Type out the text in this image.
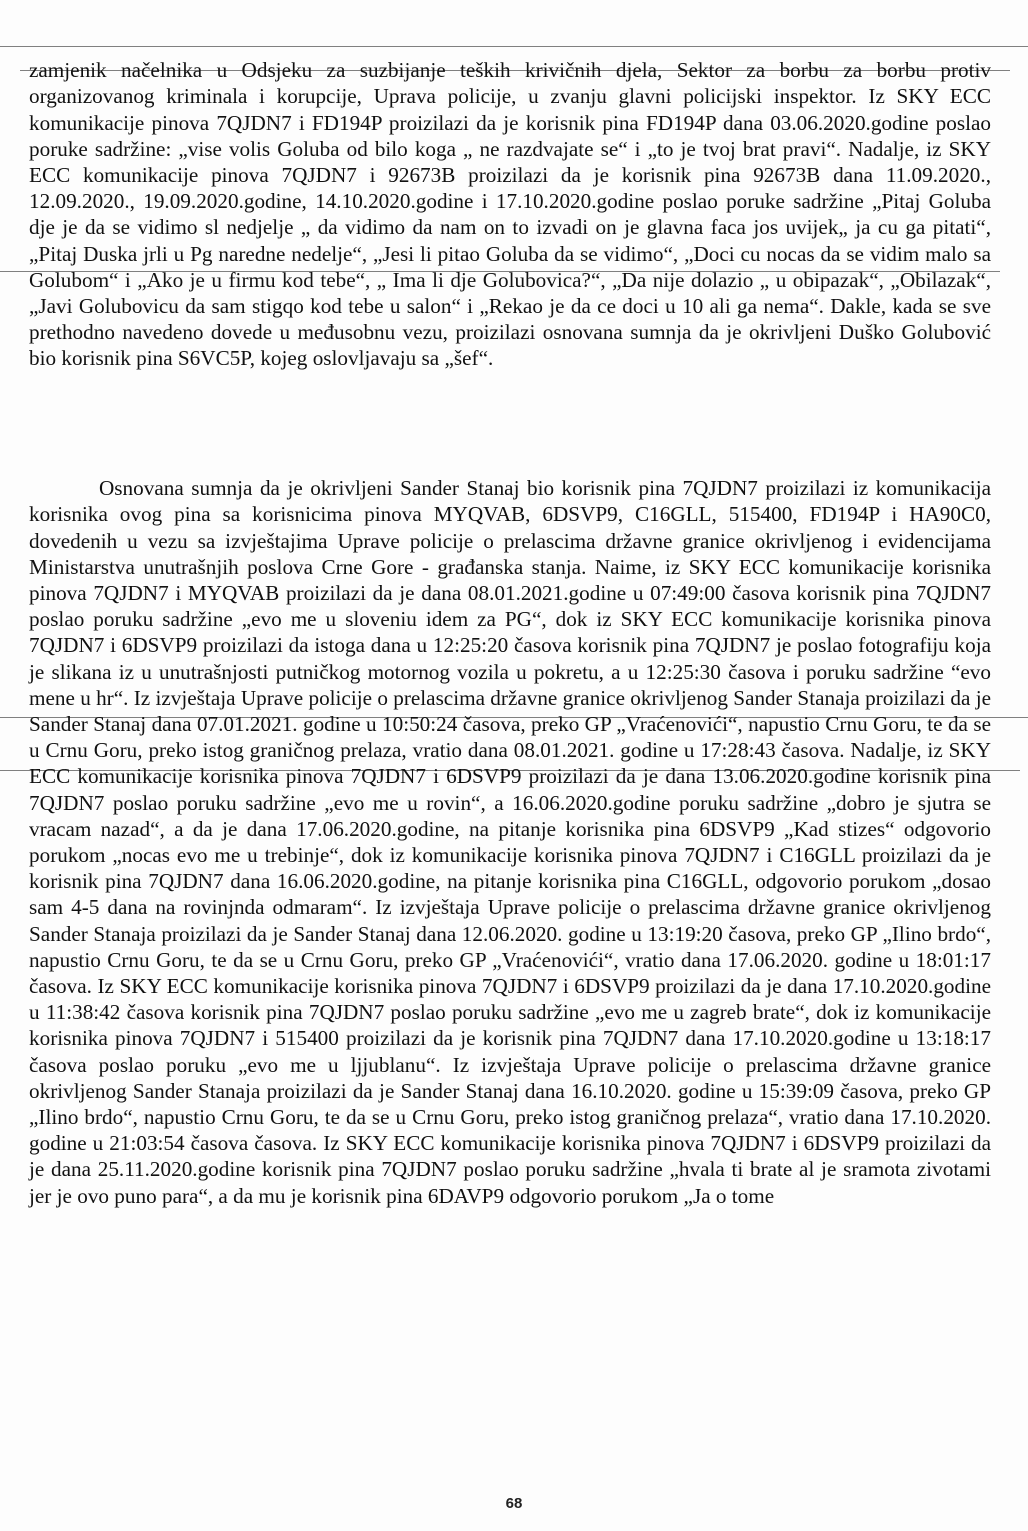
zamjenik načelnika u Odsjeku za suzbijanje teških krivičnih djela, Sektor za borbu za borbu protiv organizovanog kriminala i korupcije, Uprava policije, u zvanju glavni policijski inspektor. Iz SKY ECC komunikacije pinova 7QJDN7 i FD194P proizilazi da je korisnik pina FD194P dana 03.06.2020.godine poslao poruke sadržine: „vise volis Goluba od bilo koga „ ne razdvajate se“ i „to je tvoj brat pravi“. Nadalje, iz SKY ECC komunikacije pinova 7QJDN7 i 92673B proizilazi da je korisnik pina 92673B dana 11.09.2020., 12.09.2020., 19.09.2020.godine, 14.10.2020.godine i 17.10.2020.godine poslao poruke sadržine „Pitaj Goluba dje je da se vidimo sl nedjelje „ da vidimo da nam on to izvadi on je glavna faca jos uvijek„ ja cu ga pitati“, „Pitaj Duska jrli u Pg naredne nedelje“, „Jesi li pitao Goluba da se vidimo“, „Doci cu nocas da se vidim malo sa Golubom“ i „Ako je u firmu kod tebe“, „ Ima li dje Golubovica?“, „Da nije dolazio „ u obipazak“, „Obilazak“, „Javi Golubovicu da sam stigqo kod tebe u salon“ i „Rekao je da ce doci u 10 ali ga nema“. Dakle, kada se sve prethodno navedeno dovede u međusobnu vezu, proizilazi osnovana sumnja da je okrivljeni Duško Golubović bio korisnik pina S6VC5P, kojeg oslovljavaju sa „šef“.

Osnovana sumnja da je okrivljeni Sander Stanaj bio korisnik pina 7QJDN7 proizilazi iz komunikacija korisnika ovog pina sa korisnicima pinova MYQVAB, 6DSVP9, C16GLL, 515400, FD194P i HA90C0, dovedenih u vezu sa izvještajima Uprave policije o prelascima državne granice okrivljenog i evidencijama Ministarstva unutrašnjih poslova Crne Gore - građanska stanja. Naime, iz SKY ECC komunikacije korisnika pinova 7QJDN7 i MYQVAB proizilazi da je dana 08.01.2021.godine u 07:49:00 časova korisnik pina 7QJDN7 poslao poruku sadržine „evo me u sloveniu idem za PG“, dok iz SKY ECC komunikacije korisnika pinova 7QJDN7 i 6DSVP9 proizilazi da istoga dana u 12:25:20 časova korisnik pina 7QJDN7 je poslao fotografiju koja je slikana iz u unutrašnjosti putničkog motornog vozila u pokretu, a u 12:25:30 časova i poruku sadržine “evo mene u hr“. Iz izvještaja Uprave policije o prelascima državne granice okrivljenog Sander Stanaja proizilazi da je Sander Stanaj dana 07.01.2021. godine u 10:50:24 časova, preko GP „Vraćenovići“, napustio Crnu Goru, te da se u Crnu Goru, preko istog graničnog prelaza, vratio dana 08.01.2021. godine u 17:28:43 časova. Nadalje, iz SKY ECC komunikacije korisnika pinova 7QJDN7 i 6DSVP9 proizilazi da je dana 13.06.2020.godine korisnik pina 7QJDN7 poslao poruku sadržine „evo me u rovin“, a 16.06.2020.godine poruku sadržine „dobro je sjutra se vracam nazad“, a da je dana 17.06.2020.godine, na pitanje korisnika pina 6DSVP9 „Kad stizes“ odgovorio porukom „nocas evo me u trebinje“, dok iz komunikacije korisnika pinova 7QJDN7 i C16GLL proizilazi da je korisnik pina 7QJDN7 dana 16.06.2020.godine, na pitanje korisnika pina C16GLL, odgovorio porukom „dosao sam 4-5 dana na rovinjnda odmaram“. Iz izvještaja Uprave policije o prelascima državne granice okrivljenog Sander Stanaja proizilazi da je Sander Stanaj dana 12.06.2020. godine u 13:19:20 časova, preko GP „Ilino brdo“, napustio Crnu Goru, te da se u Crnu Goru, preko GP „Vraćenovići“, vratio dana 17.06.2020. godine u 18:01:17 časova. Iz SKY ECC komunikacije korisnika pinova 7QJDN7 i 6DSVP9 proizilazi da je dana 17.10.2020.godine u 11:38:42 časova korisnik pina 7QJDN7 poslao poruku sadržine „evo me u zagreb brate“, dok iz komunikacije korisnika pinova 7QJDN7 i 515400 proizilazi da je korisnik pina 7QJDN7 dana 17.10.2020.godine u 13:18:17 časova poslao poruku „evo me u ljjublanu“. Iz izvještaja Uprave policije o prelascima državne granice okrivljenog Sander Stanaja proizilazi da je Sander Stanaj dana 16.10.2020. godine u 15:39:09 časova, preko GP „Ilino brdo“, napustio Crnu Goru, te da se u Crnu Goru, preko istog graničnog prelaza“, vratio dana 17.10.2020. godine u 21:03:54 časova časova. Iz SKY ECC komunikacije korisnika pinova 7QJDN7 i 6DSVP9 proizilazi da je dana 25.11.2020.godine korisnik pina 7QJDN7 poslao poruku sadržine „hvala ti brate al je sramota zivotami jer je ovo puno para“, a da mu je korisnik pina 6DAVP9 odgovorio porukom „Ja o tome

68
